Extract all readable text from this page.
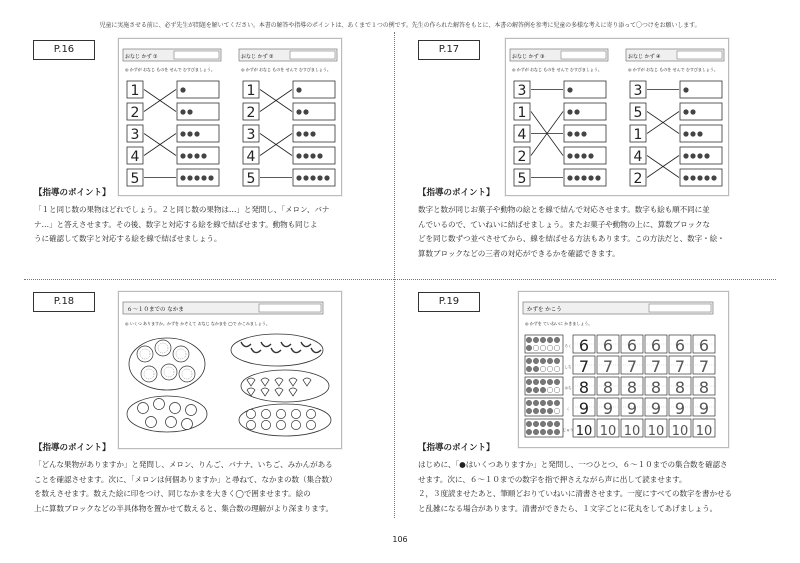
児童に実施させる前に、必ず先生が問題を解いてください。本書の解答や指導のポイントは、あくまで１つの例です。先生の作られた解答をもとに、本書の解答例を参考に児童の多様な考えに寄り添って〇つけをお願いします。
P.16
おなじ かず ①	おなじ かず ②
◎ かずが おなじ ものを せんで むすびましょう。	◎ かずが おなじ ものを せんで むすびましょう。
1
2
3
4
5
1
2
3
4
5
【指導のポイント】
「１と同じ数の果物はどれでしょう。２と同じ数の果物は…」と発問し、「メロン、バナ
ナ…」と答えさせます。その後、数字と対応する絵を線で結ばせます。動物も同じよ
うに確認して数字と対応する絵を線で結ばせましょう。
P.17
おなじ かず ③	おなじ かず ④
◎ かずが おなじ ものを せんで むすびましょう。	◎ かずが おなじ ものを せんで むすびましょう。
3
1
4
2
5
3
5
1
4
2
【指導のポイント】
数字と数が同じお菓子や動物の絵とを線で結んで対応させます。数字も絵も順不同に並
んでいるので、ていねいに結ばせましょう。またお菓子や動物の上に、算数ブロックな
どを同じ数ずつ並べさせてから、線を結ばせる方法もあります。この方法だと、数字・絵・
算数ブロックなどの三者の対応ができるかを確認できます。
P.18
６～１０までの なかま
◎ いくつ ありますか。かずを かぞえて おなじ なかまを ◯で かこみましょう。
【指導のポイント】
「どんな果物がありますか」と発問し、メロン、りんご、バナナ、いちご、みかんがある
ことを確認させます。次に、「メロンは何個ありますか」と尋ねて、なかまの数（集合数）
を数えさせます。数えた絵に印をつけ、同じなかまを大きく◯で囲ませます。絵の
上に算数ブロックなどの半具体物を置かせて数えると、集合数の理解がより深まります。
P.19
かずを かこう
◎ かずを ていねいに かきましょう。
ろく 6 6 6 6 6 6
しち 7 7 7 7 7 7
はち 8 8 8 8 8 8
く 9 9 9 9 9 9
じゅう 10 10 10 10 10 10
【指導のポイント】
はじめに、「●はいくつありますか」と発問し、一つひとつ、６～１０までの集合数を確認さ
せます。次に、６～１０までの数字を指で押さえながら声に出して読ませます。
２，３度読ませたあと、筆順どおりていねいに清書させます。一度にすべての数字を書かせる
と乱雑になる場合があります。清書ができたら、１文字ごとに花丸をしてあげましょう。
106
